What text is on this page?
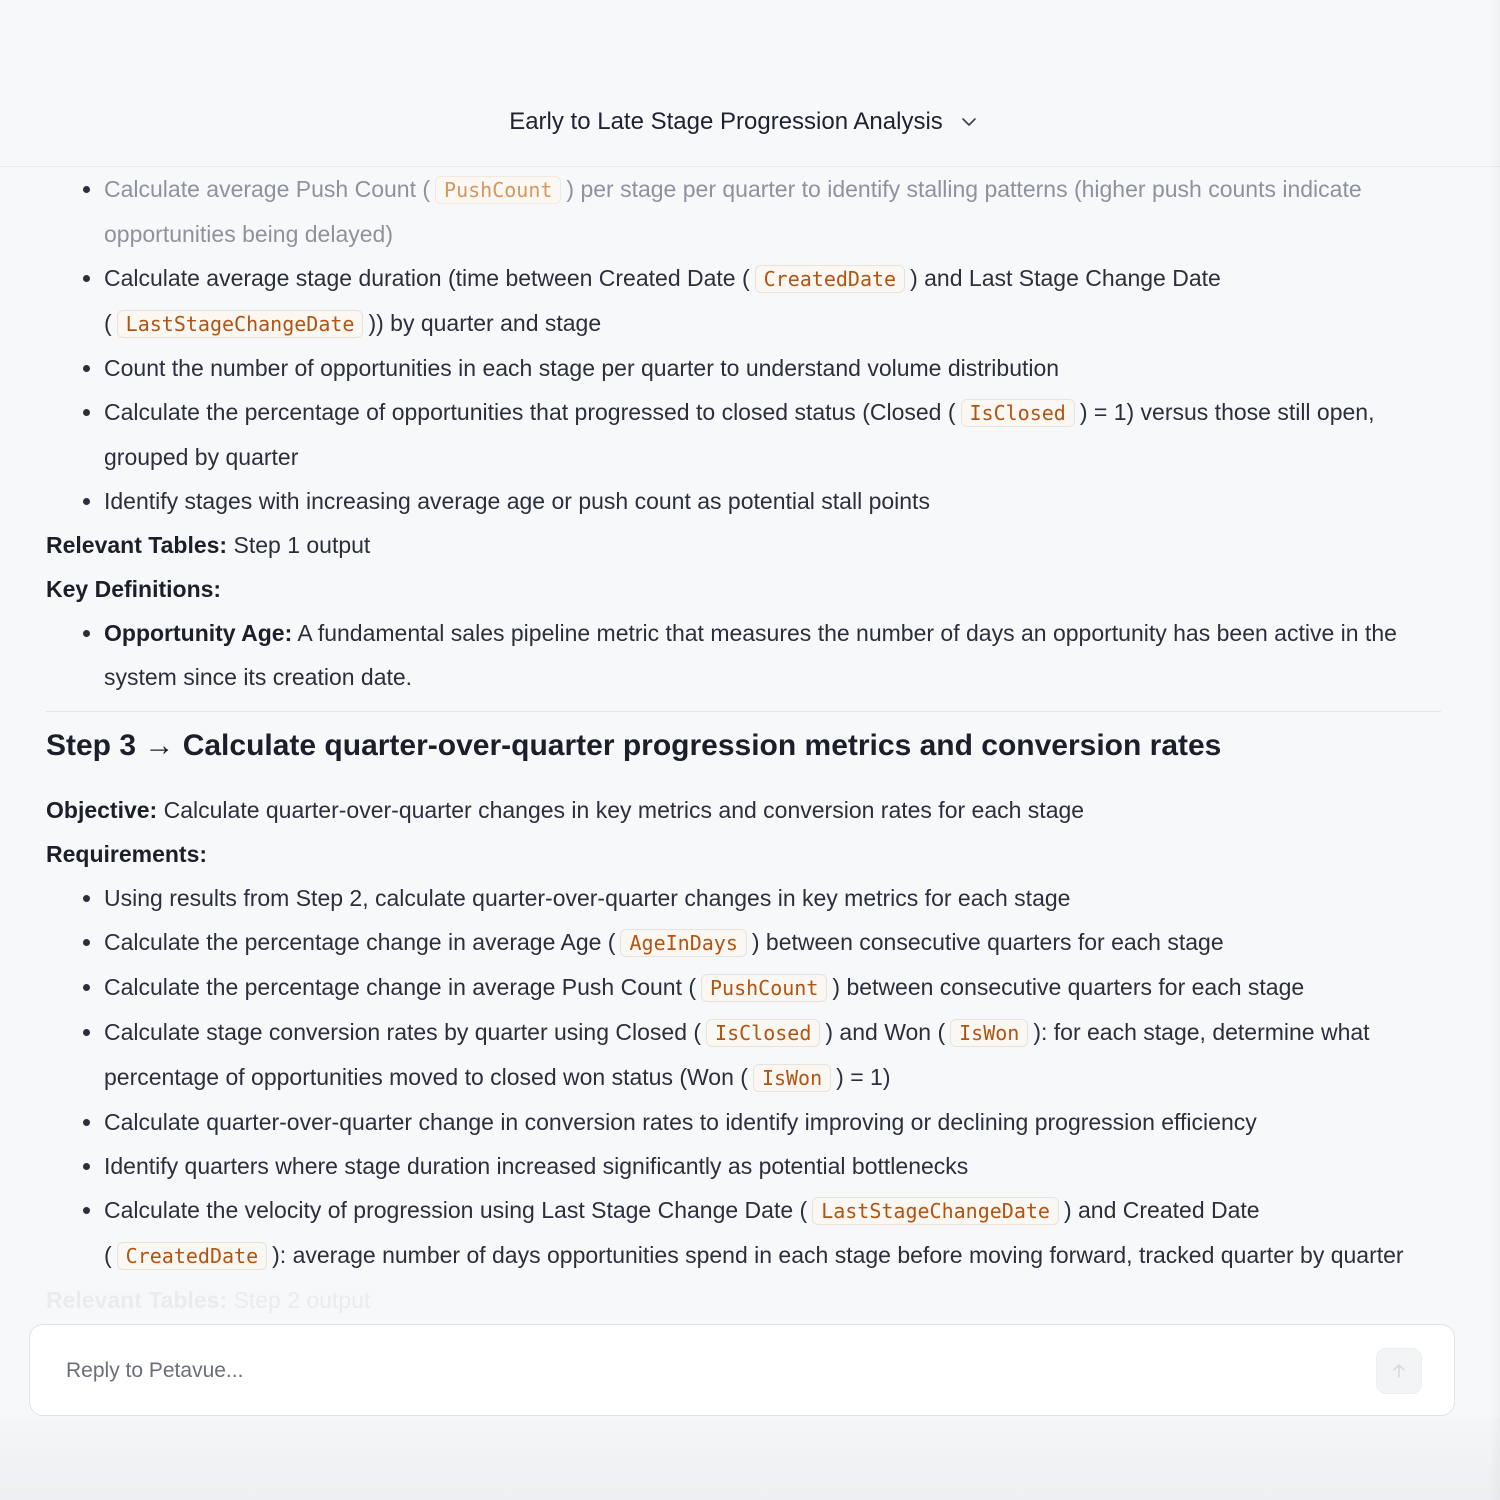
Early to Late Stage Progression Analysis
• Calculate average Push Count ( PushCount ) per stage per quarter to identify stalling patterns (higher push counts indicate opportunities being delayed)
• Calculate average stage duration (time between Created Date ( CreatedDate ) and Last Stage Change Date ( LastStageChangeDate )) by quarter and stage
• Count the number of opportunities in each stage per quarter to understand volume distribution
• Calculate the percentage of opportunities that progressed to closed status (Closed ( IsClosed ) = 1) versus those still open, grouped by quarter
• Identify stages with increasing average age or push count as potential stall points
Relevant Tables: Step 1 output
Key Definitions:
• Opportunity Age: A fundamental sales pipeline metric that measures the number of days an opportunity has been active in the system since its creation date.
Step 3 → Calculate quarter-over-quarter progression metrics and conversion rates
Objective: Calculate quarter-over-quarter changes in key metrics and conversion rates for each stage
Requirements:
• Using results from Step 2, calculate quarter-over-quarter changes in key metrics for each stage
• Calculate the percentage change in average Age ( AgeInDays ) between consecutive quarters for each stage
• Calculate the percentage change in average Push Count ( PushCount ) between consecutive quarters for each stage
• Calculate stage conversion rates by quarter using Closed ( IsClosed ) and Won ( IsWon ): for each stage, determine what percentage of opportunities moved to closed won status (Won ( IsWon ) = 1)
• Calculate quarter-over-quarter change in conversion rates to identify improving or declining progression efficiency
• Identify quarters where stage duration increased significantly as potential bottlenecks
• Calculate the velocity of progression using Last Stage Change Date ( LastStageChangeDate ) and Created Date ( CreatedDate ): average number of days opportunities spend in each stage before moving forward, tracked quarter by quarter
Relevant Tables: Step 2 output
Reply to Petavue...
